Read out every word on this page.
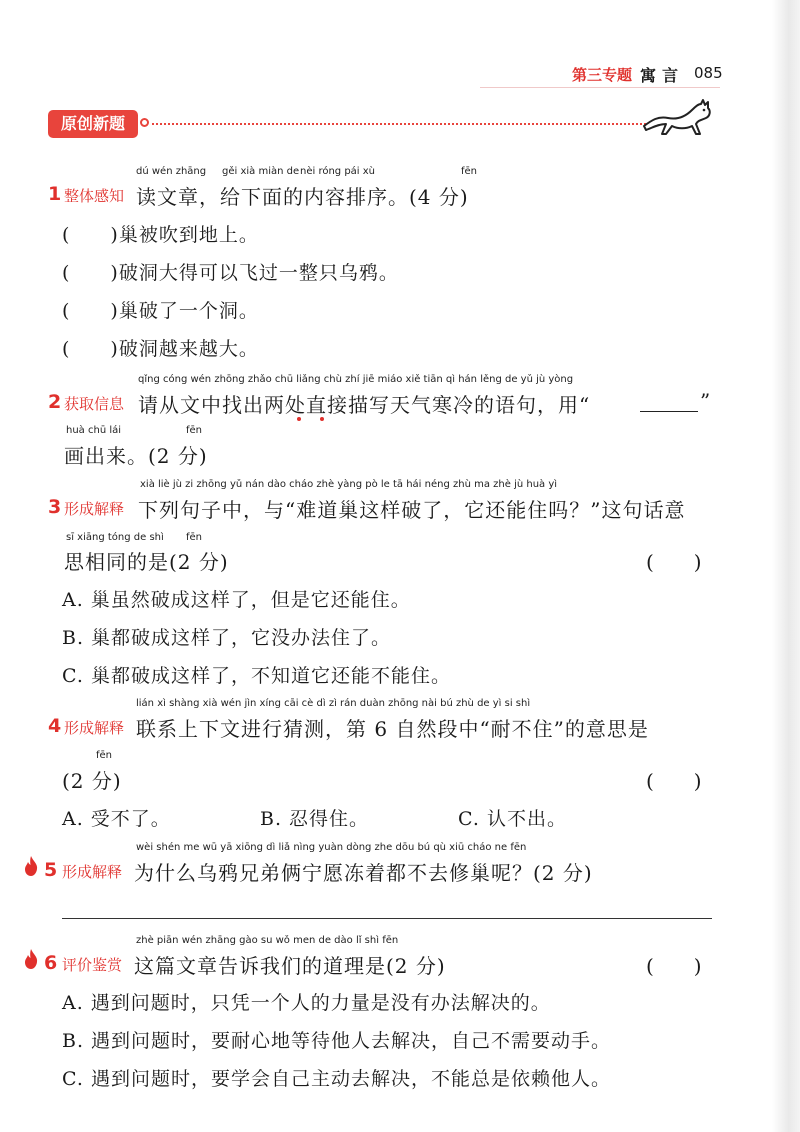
第三专题 寓言 085
原创新题
dú wén zhāng gěi xià miàn de nèi róng pái xù	fēn
1 整体感知 读文章，给下面的内容排序。(4 分)
(　　)巢被吹到地上。
(　　)破洞大得可以飞过一整只乌鸦。
(　　)巢破了一个洞。
(　　)破洞越来越大。
qǐng cóng wén zhōng zhǎo chū liǎng chù zhí jiē miáo xiě tiān qì hán lěng de yǔ jù yòng
2 获取信息 请从文中找出两处直接描写天气寒冷的语句，用“	”
huà chū lái	fēn
画出来。(2 分)
xià liè jù zi zhōng yǔ nán dào cháo zhè yàng pò le tā hái néng zhù ma zhè jù huà yì
3 形成解释 下列句子中，与“难道巢这样破了，它还能住吗？”这句话意
sī xiāng tóng de shì fēn
思相同的是(2 分)	(　　)
A. 巢虽然破成这样了，但是它还能住。
B. 巢都破成这样了，它没办法住了。
C. 巢都破成这样了，不知道它还能不能住。
lián xì shàng xià wén jìn xíng cāi cè dì zì rán duàn zhōng nài bú zhù de yì si shì
4 形成解释 联系上下文进行猜测，第 6 自然段中“耐不住”的意思是
fēn
(2 分)	(　　)
A. 受不了。	B. 忍得住。	C. 认不出。
wèi shén me wū yā xiōng dì liǎ nìng yuàn dòng zhe dōu bú qù xiū cháo ne fēn
5 形成解释 为什么乌鸦兄弟俩宁愿冻着都不去修巢呢？(2 分)
zhè piān wén zhāng gào su wǒ men de dào lǐ shì fēn
6 评价鉴赏 这篇文章告诉我们的道理是(2 分)	(　　)
A. 遇到问题时，只凭一个人的力量是没有办法解决的。
B. 遇到问题时，要耐心地等待他人去解决，自己不需要动手。
C. 遇到问题时，要学会自己主动去解决，不能总是依赖他人。
